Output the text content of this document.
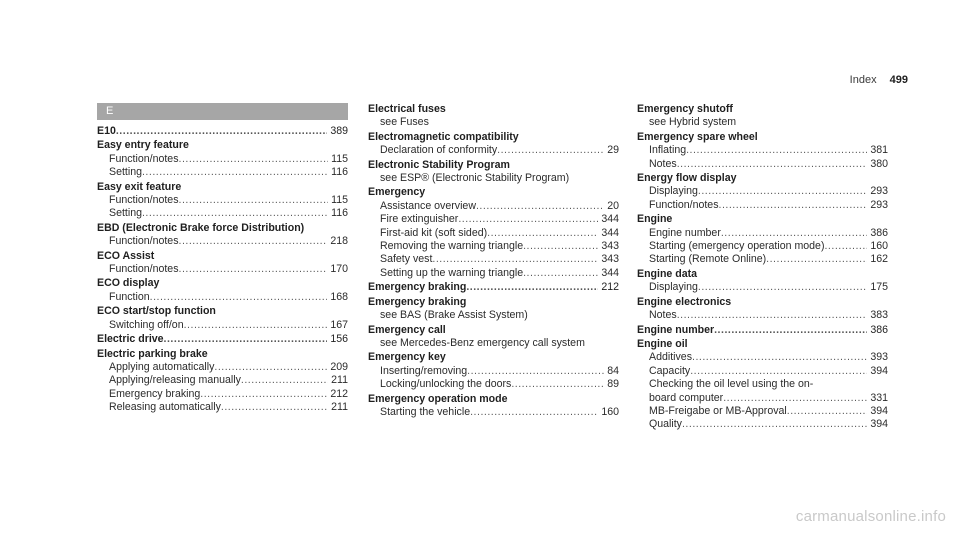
Index 499
E
E10 .....	389
Easy entry feature
Function/notes .....	115
Setting .....	116
Easy exit feature
Function/notes .....	115
Setting .....	116
EBD (Electronic Brake force Distribution)
Function/notes .....	218
ECO Assist
Function/notes .....	170
ECO display
Function .....	168
ECO start/stop function
Switching off/on .....	167
Electric drive .....	156
Electric parking brake
Applying automatically .....	209
Applying/releasing manually .....	211
Emergency braking .....	212
Releasing automatically .....	211
Electrical fuses
see Fuses
Electromagnetic compatibility
Declaration of conformity .....	29
Electronic Stability Program
see ESP® (Electronic Stability Program)
Emergency
Assistance overview .....	20
Fire extinguisher .....	344
First-aid kit (soft sided) .....	344
Removing the warning triangle .....	343
Safety vest .....	343
Setting up the warning triangle .....	344
Emergency braking .....	212
Emergency braking
see BAS (Brake Assist System)
Emergency call
see Mercedes-Benz emergency call system
Emergency key
Inserting/removing .....	84
Locking/unlocking the doors .....	89
Emergency operation mode
Starting the vehicle .....	160
Emergency shutoff
see Hybrid system
Emergency spare wheel
Inflating .....	381
Notes .....	380
Energy flow display
Displaying .....	293
Function/notes .....	293
Engine
Engine number .....	386
Starting (emergency operation mode) .....	160
Starting (Remote Online) .....	162
Engine data
Displaying .....	175
Engine electronics
Notes .....	383
Engine number .....	386
Engine oil
Additives .....	393
Capacity .....	394
Checking the oil level using the on-
board computer .....	331
MB-Freigabe or MB-Approval .....	394
Quality .....	394
carmanualsonline.info
